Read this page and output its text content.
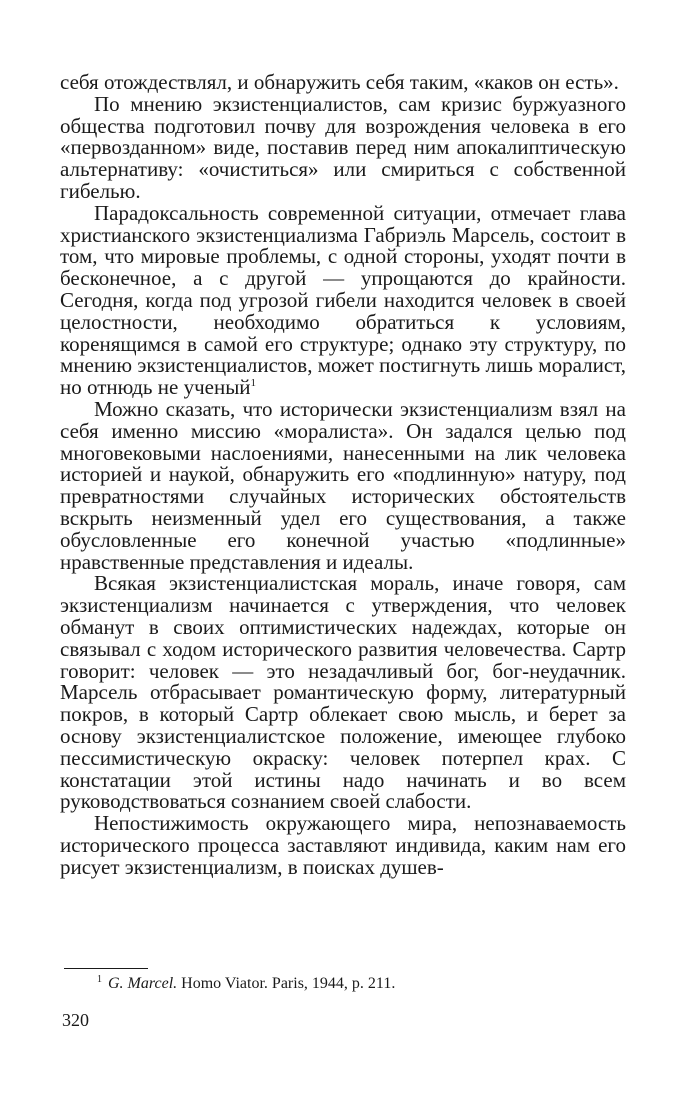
себя отождествлял, и обнаружить себя таким, «каков он есть».

По мнению экзистенциалистов, сам кризис буржуазного общества подготовил почву для возрождения человека в его «первозданном» виде, поставив перед ним апокалиптическую альтернативу: «очиститься» или смириться с собственной гибелью.

Парадоксальность современной ситуации, отмечает глава христианского экзистенциализма Габриэль Марсель, состоит в том, что мировые проблемы, с одной стороны, уходят почти в бесконечное, а с другой — упрощаются до крайности. Сегодня, когда под угрозой гибели находится человек в своей целостности, необходимо обратиться к условиям, коренящимся в самой его структуре; однако эту структуру, по мнению экзистенциалистов, может постигнуть лишь моралист, но отнюдь не ученый$^1$

Можно сказать, что исторически экзистенциализм взял на себя именно миссию «моралиста». Он задался целью под многовековыми наслоениями, нанесенными на лик человека историей и наукой, обнаружить его «подлинную» натуру, под превратностями случайных исторических обстоятельств вскрыть неизменный удел его существования, а также обусловленные его конечной участью «подлинные» нравственные представления и идеалы.

Всякая экзистенциалистская мораль, иначе говоря, сам экзистенциализм начинается с утверждения, что человек обманут в своих оптимистических надеждах, которые он связывал с ходом исторического развития человечества. Сартр говорит: человек — это незадачливый бог, бог-неудачник. Марсель отбрасывает романтическую форму, литературный покров, в который Сартр облекает свою мысль, и берет за основу экзистенциалистское положение, имеющее глубоко пессимистическую окраску: человек потерпел крах. С констатации этой истины надо начинать и во всем руководствоваться сознанием своей слабости.

Непостижимость окружающего мира, непознаваемость исторического процесса заставляют индивида, каким нам его рисует экзистенциализм, в поисках душев-

$^1$ G. Marcel. Homo Viator. Paris, 1944, p. 211.
320
